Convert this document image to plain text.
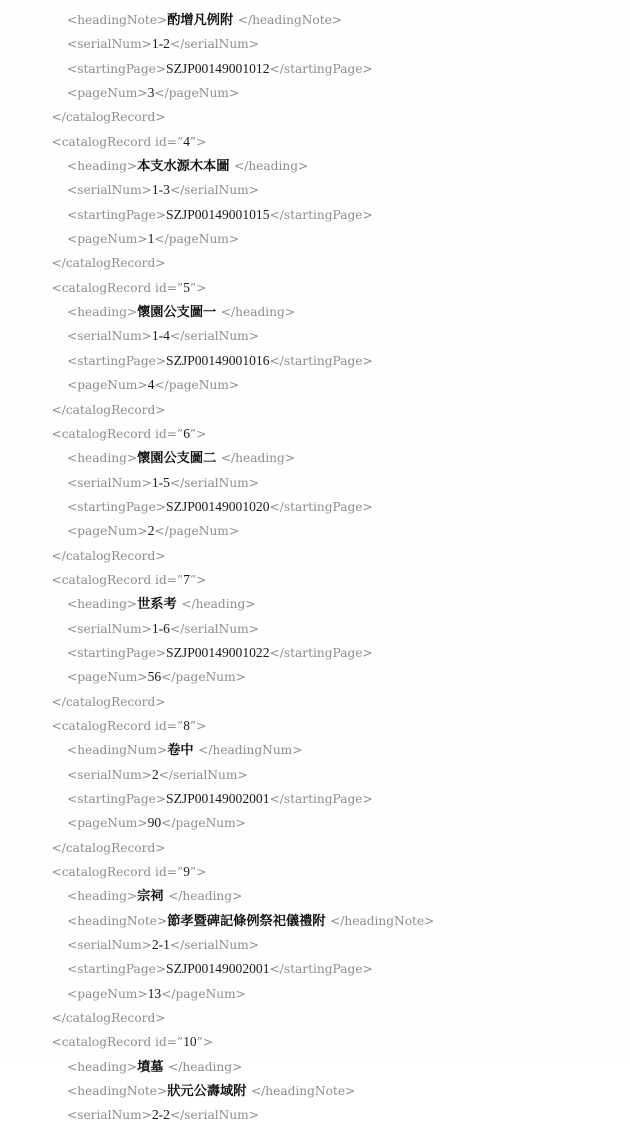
<headingNote>酌增凡例附 </headingNote>
<serialNum>1-2</serialNum>
<startingPage>SZJP00149001012</startingPage>
<pageNum>3</pageNum>
</catalogRecord>
<catalogRecord id=”4”>
<heading>本支水源木本圖 </heading>
<serialNum>1-3</serialNum>
<startingPage>SZJP00149001015</startingPage>
<pageNum>1</pageNum>
</catalogRecord>
<catalogRecord id=”5”>
<heading>懷園公支圖一 </heading>
<serialNum>1-4</serialNum>
<startingPage>SZJP00149001016</startingPage>
<pageNum>4</pageNum>
</catalogRecord>
<catalogRecord id=”6”>
<heading>懷園公支圖二 </heading>
<serialNum>1-5</serialNum>
<startingPage>SZJP00149001020</startingPage>
<pageNum>2</pageNum>
</catalogRecord>
<catalogRecord id=”7”>
<heading>世系考 </heading>
<serialNum>1-6</serialNum>
<startingPage>SZJP00149001022</startingPage>
<pageNum>56</pageNum>
</catalogRecord>
<catalogRecord id=”8”>
<headingNum>卷中 </headingNum>
<serialNum>2</serialNum>
<startingPage>SZJP00149002001</startingPage>
<pageNum>90</pageNum>
</catalogRecord>
<catalogRecord id=”9”>
<heading>宗祠 </heading>
<headingNote>節孝暨碑記條例祭祀儀禮附 </headingNote>
<serialNum>2-1</serialNum>
<startingPage>SZJP00149002001</startingPage>
<pageNum>13</pageNum>
</catalogRecord>
<catalogRecord id=”10”>
<heading>墳墓 </heading>
<headingNote>狀元公壽域附 </headingNote>
<serialNum>2-2</serialNum>
